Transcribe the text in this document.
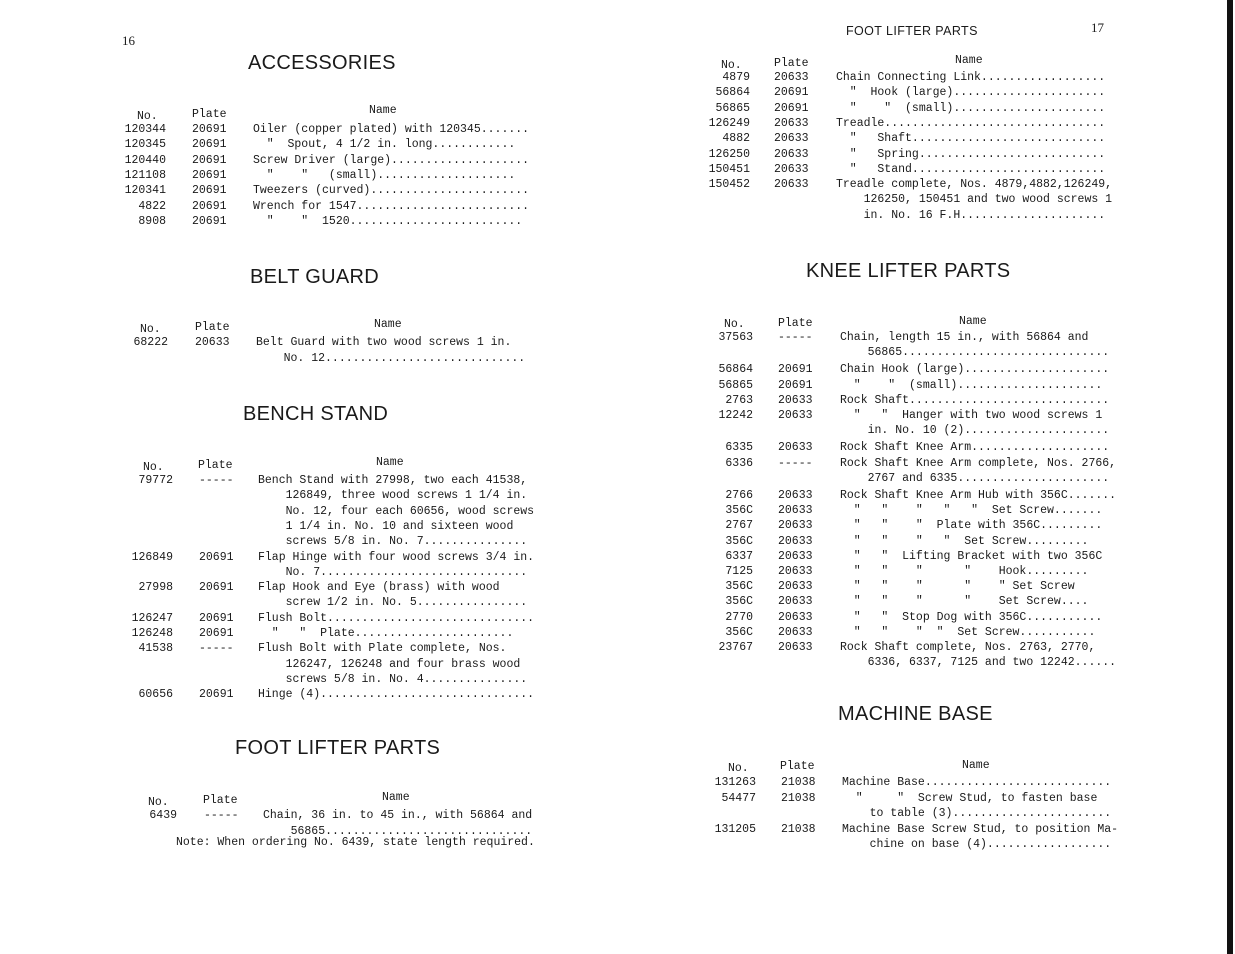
16
17
FOOT LIFTER PARTS
ACCESSORIES
No.	Plate	Name
120344 20691 Oiler (copper plated) with 120345.......
120345 20691 "  Spout, 4 1/2 in. long............
120440 20691 Screw Driver (large)....................
121108 20691 "    "   (small)....................
120341 20691 Tweezers (curved).......................
4822 20691 Wrench for 1547.........................
8908 20691 "    "  1520.........................
BELT GUARD
No.	Plate	Name
68222 20633 Belt Guard with two wood screws 1 in.
No. 12.............................
BENCH STAND
No.	Plate	Name
79772 ----- Bench Stand with 27998, two each 41538,
126849, three wood screws 1 1/4 in.
No. 12, four each 60656, wood screws
1 1/4 in. No. 10 and sixteen wood
screws 5/8 in. No. 7...............
126849 20691 Flap Hinge with four wood screws 3/4 in.
No. 7..............................
27998 20691 Flap Hook and Eye (brass) with wood
screw 1/2 in. No. 5................
126247 20691 Flush Bolt..............................
126248 20691 "   "  Plate.......................
41538 ----- Flush Bolt with Plate complete, Nos.
126247, 126248 and four brass wood
screws 5/8 in. No. 4...............
60656 20691 Hinge (4)...............................
FOOT LIFTER PARTS
No.	Plate	Name
6439 ----- Chain, 36 in. to 45 in., with 56864 and
56865..............................
Note: When ordering No. 6439, state length required.
No.	Plate	Name
4879 20633 Chain Connecting Link..................
56864 20691 "  Hook (large)......................
56865 20691 "    "  (small)......................
126249 20633 Treadle................................
4882 20633 "   Shaft............................
126250 20633 "   Spring...........................
150451 20633 "   Stand............................
150452 20633 Treadle complete, Nos. 4879,4882,126249,
126250, 150451 and two wood screws 1
in. No. 16 F.H.....................
KNEE LIFTER PARTS
No.	Plate	Name
37563 ----- Chain, length 15 in., with 56864 and
56865..............................
56864 20691 Chain Hook (large).....................
56865 20691 "    "  (small).....................
2763 20633 Rock Shaft.............................
12242 20633 "   "  Hanger with two wood screws 1
in. No. 10 (2).....................
6335 20633 Rock Shaft Knee Arm....................
6336 ----- Rock Shaft Knee Arm complete, Nos. 2766,
2767 and 6335......................
2766 20633 Rock Shaft Knee Arm Hub with 356C.......
356C 20633 "   "    "   "   "  Set Screw.......
2767 20633 "   "    "  Plate with 356C.........
356C 20633 "   "    "   "  Set Screw.........
6337 20633 "   "  Lifting Bracket with two 356C
7125 20633 "   "    "      "    Hook.........
356C 20633 "   "    "      "    " Set Screw
356C 20633 "   "    "      "    Set Screw....
2770 20633 "   "  Stop Dog with 356C...........
356C 20633 "   "    "  "  Set Screw...........
23767 20633 Rock Shaft complete, Nos. 2763, 2770,
6336, 6337, 7125 and two 12242......
MACHINE BASE
No.	Plate	Name
131263 21038 Machine Base...........................
54477 21038 "     "  Screw Stud, to fasten base
to table (3).......................
131205 21038 Machine Base Screw Stud, to position Ma-
chine on base (4)..................
